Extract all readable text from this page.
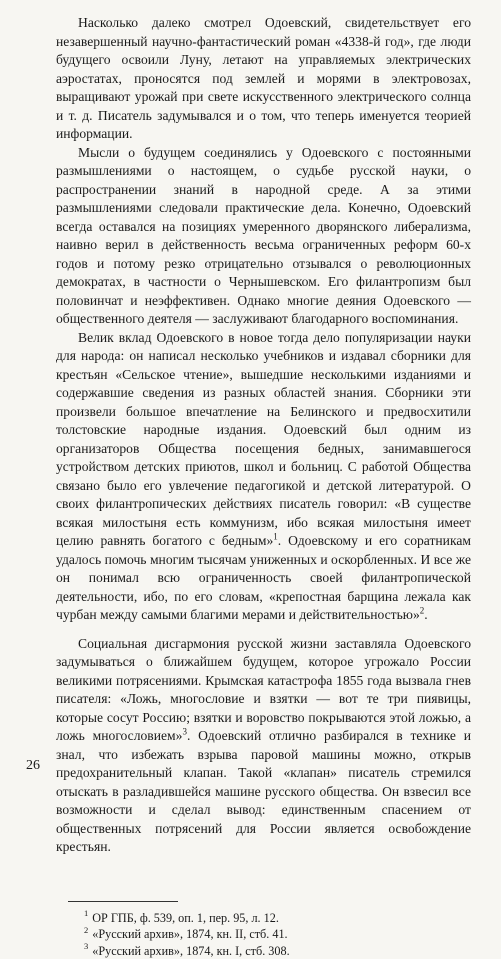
Насколько далеко смотрел Одоевский, свидетельствует его незавершенный научно-фантастический роман «4338-й год», где люди будущего освоили Луну, летают на управляемых электрических аэростатах, проносятся под землей и морями в электровозах, выращивают урожай при свете искусственного электрического солнца и т. д. Писатель задумывался и о том, что теперь именуется теорией информации.

Мысли о будущем соединялись у Одоевского с постоянными размышлениями о настоящем, о судьбе русской науки, о распространении знаний в народной среде. А за этими размышлениями следовали практические дела. Конечно, Одоевский всегда оставался на позициях умеренного дворянского либерализма, наивно верил в действенность весьма ограниченных реформ 60-х годов и потому резко отрицательно отзывался о революционных демократах, в частности о Чернышевском. Его филантропизм был половинчат и неэффективен. Однако многие деяния Одоевского — общественного деятеля — заслуживают благодарного воспоминания.

Велик вклад Одоевского в новое тогда дело популяризации науки для народа: он написал несколько учебников и издавал сборники для крестьян «Сельское чтение», вышедшие несколькими изданиями и содержавшие сведения из разных областей знания. Сборники эти произвели большое впечатление на Белинского и предвосхитили толстовские народные издания. Одоевский был одним из организаторов Общества посещения бедных, занимавшегося устройством детских приютов, школ и больниц. С работой Общества связано было его увлечение педагогикой и детской литературой. О своих филантропических действиях писатель говорил: «В существе всякая милостыня есть коммунизм, ибо всякая милостыня имеет целию равнять богатого с бедным»$^1$. Одоевскому и его соратникам удалось помочь многим тысячам униженных и оскорбленных. И все же он понимал всю ограниченность своей филантропической деятельности, ибо, по его словам, «крепостная барщина лежала как чурбан между самыми благими мерами и действительностью»$^2$.

Социальная дисгармония русской жизни заставляла Одоевского задумываться о ближайшем будущем, которое угрожало России великими потрясениями. Крымская катастрофа 1855 года вызвала гнев писателя: «Ложь, многословие и взятки — вот те три пиявицы, которые сосут Россию; взятки и воровство покрываются этой ложью, а ложь многословием»$^3$. Одоевский отлично разбирался в технике и знал, что избежать взрыва паровой машины можно, открыв предохранительный клапан. Такой «клапан» писатель стремился отыскать в разладившейся машине русского общества. Он взвесил все возможности и сделал вывод: единственным спасением от общественных потрясений для России является освобождение крестьян.

$^1$ ОР ГПБ, ф. 539, оп. 1, пер. 95, л. 12.
$^2$ «Русский архив», 1874, кн. II, стб. 41.
$^3$ «Русский архив», 1874, кн. I, стб. 308.
26
